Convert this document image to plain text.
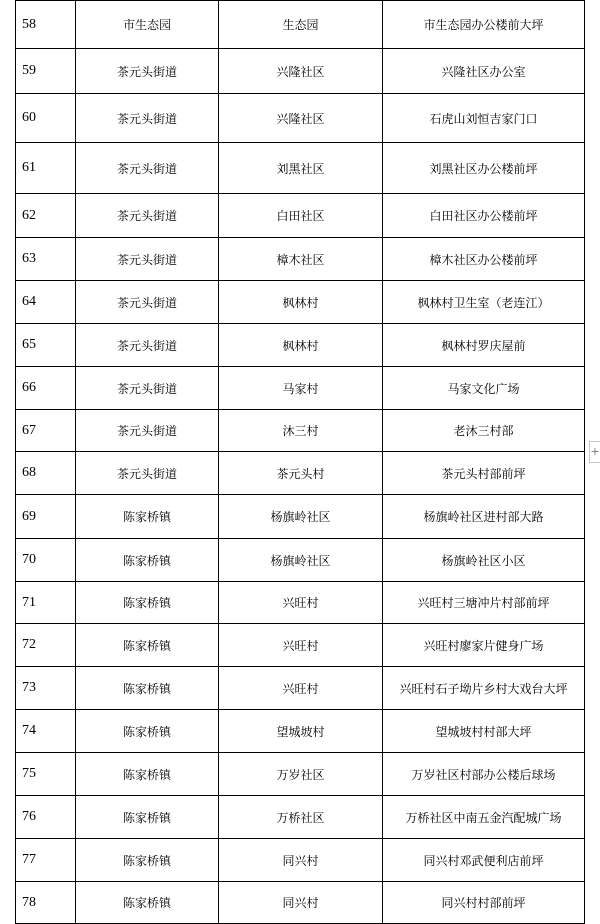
58	市生态园	生态园	市生态园办公楼前大坪
59	茶元头街道	兴隆社区	兴隆社区办公室
60	茶元头街道	兴隆社区	石虎山刘恒吉家门口
61	茶元头街道	刘黑社区	刘黑社区办公楼前坪
62	茶元头街道	白田社区	白田社区办公楼前坪
63	茶元头街道	樟木社区	樟木社区办公楼前坪
64	茶元头街道	枫林村	枫林村卫生室（老连江）
65	茶元头街道	枫林村	枫林村罗庆屋前
66	茶元头街道	马家村	马家文化广场
67	茶元头街道	沐三村	老沐三村部
68	茶元头街道	茶元头村	茶元头村部前坪
69	陈家桥镇	杨旗岭社区	杨旗岭社区进村部大路
70	陈家桥镇	杨旗岭社区	杨旗岭社区小区
71	陈家桥镇	兴旺村	兴旺村三塘冲片村部前坪
72	陈家桥镇	兴旺村	兴旺村廖家片健身广场
73	陈家桥镇	兴旺村	兴旺村石子坳片乡村大戏台大坪
74	陈家桥镇	望城坡村	望城坡村村部大坪
75	陈家桥镇	万岁社区	万岁社区村部办公楼后球场
76	陈家桥镇	万桥社区	万桥社区中南五金汽配城广场
77	陈家桥镇	同兴村	同兴村邓武便利店前坪
78	陈家桥镇	同兴村	同兴村村部前坪
+
